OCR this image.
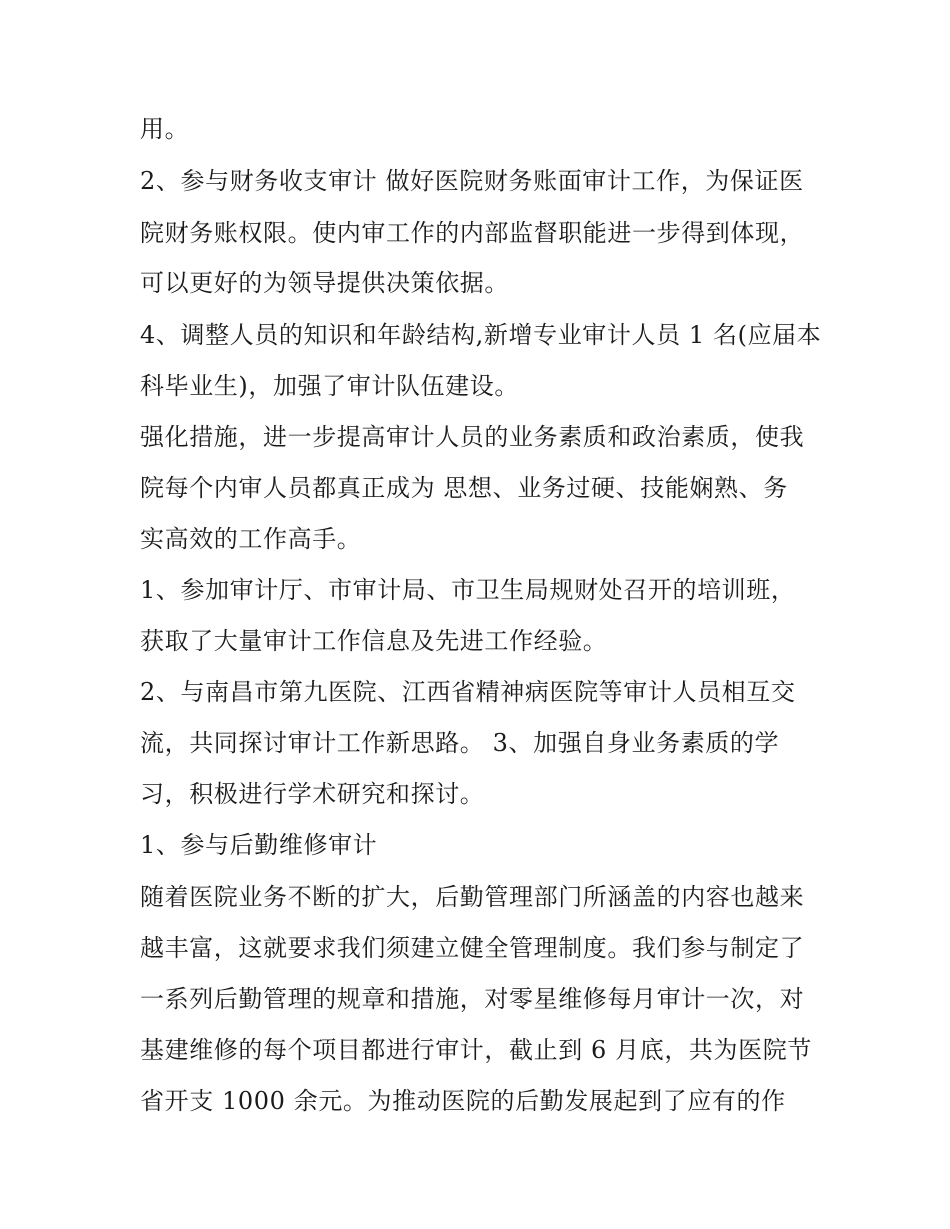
用。
2、参与财务收支审计 做好医院财务账面审计工作，为保证医
院财务账权限。使内审工作的内部监督职能进一步得到体现，
可以更好的为领导提供决策依据。
4、调整人员的知识和年龄结构,新增专业审计人员 1 名(应届本
科毕业生)，加强了审计队伍建设。
强化措施，进一步提高审计人员的业务素质和政治素质，使我
院每个内审人员都真正成为 思想、业务过硬、技能娴熟、务
实高效的工作高手。
1、参加审计厅、市审计局、市卫生局规财处召开的培训班，
获取了大量审计工作信息及先进工作经验。
2、与南昌市第九医院、江西省精神病医院等审计人员相互交
流，共同探讨审计工作新思路。 3、加强自身业务素质的学
习，积极进行学术研究和探讨。
1、参与后勤维修审计
随着医院业务不断的扩大，后勤管理部门所涵盖的内容也越来
越丰富，这就要求我们须建立健全管理制度。我们参与制定了
一系列后勤管理的规章和措施，对零星维修每月审计一次，对
基建维修的每个项目都进行审计，截止到 6 月底，共为医院节
省开支 1000 余元。为推动医院的后勤发展起到了应有的作
